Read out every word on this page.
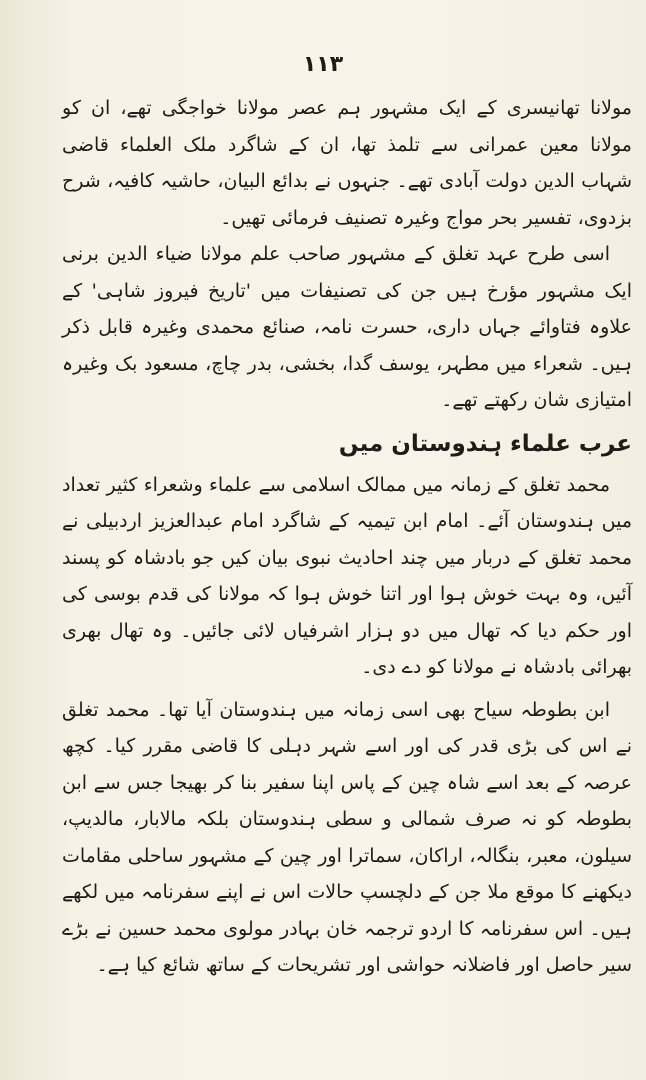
۱۱۳

مولانا تھانیسری کے ایک مشہور ہم عصر مولانا خواجگی تھے، ان کو مولانا معین عمرانی سے تلمذ تھا، ان کے شاگرد ملک العلماء قاضی شہاب الدین دولت آبادی تھے۔ جنہوں نے بدائع البیان، حاشیہ کافیہ، شرح بزدوی، تفسیر بحر مواج وغیرہ تصنیف فرمائی تھیں۔

اسی طرح عہد تغلق کے مشہور صاحب علم مولانا ضیاء الدین برنی ایک مشہور مؤرخ ہیں جن کی تصنیفات میں 'تاریخ فیروز شاہی' کے علاوہ فتاوائے جہاں داری، حسرت نامہ، صنائع محمدی وغیرہ قابل ذکر ہیں۔ شعراء میں مطہر، یوسف گدا، بخشی، بدر چاچ، مسعود بک وغیرہ امتیازی شان رکھتے تھے۔

عرب علماء ہندوستان میں

محمد تغلق کے زمانہ میں ممالک اسلامی سے علماء وشعراء کثیر تعداد میں ہندوستان آئے۔ امام ابن تیمیہ کے شاگرد امام عبدالعزیز اردبیلی نے محمد تغلق کے دربار میں چند احادیث نبوی بیان کیں جو بادشاہ کو پسند آئیں، وہ بہت خوش ہوا اور اتنا خوش ہوا کہ مولانا کی قدم بوسی کی اور حکم دیا کہ تھال میں دو ہزار اشرفیاں لائی جائیں۔ وہ تھال بھری بھرائی بادشاہ نے مولانا کو دے دی۔

ابن بطوطہ سیاح بھی اسی زمانہ میں ہندوستان آیا تھا۔ محمد تغلق نے اس کی بڑی قدر کی اور اسے شہر دہلی کا قاضی مقرر کیا۔ کچھ عرصہ کے بعد اسے شاہ چین کے پاس اپنا سفیر بنا کر بھیجا جس سے ابن بطوطہ کو نہ صرف شمالی و سطی ہندوستان بلکہ مالابار، مالدیپ، سیلون، معبر، بنگالہ، اراکان، سماترا اور چین کے مشہور ساحلی مقامات دیکھنے کا موقع ملا جن کے دلچسپ حالات اس نے اپنے سفرنامہ میں لکھے ہیں۔ اس سفرنامہ کا اردو ترجمہ خان بہادر مولوی محمد حسین نے بڑے سیر حاصل اور فاضلانہ حواشی اور تشریحات کے ساتھ شائع کیا ہے۔
